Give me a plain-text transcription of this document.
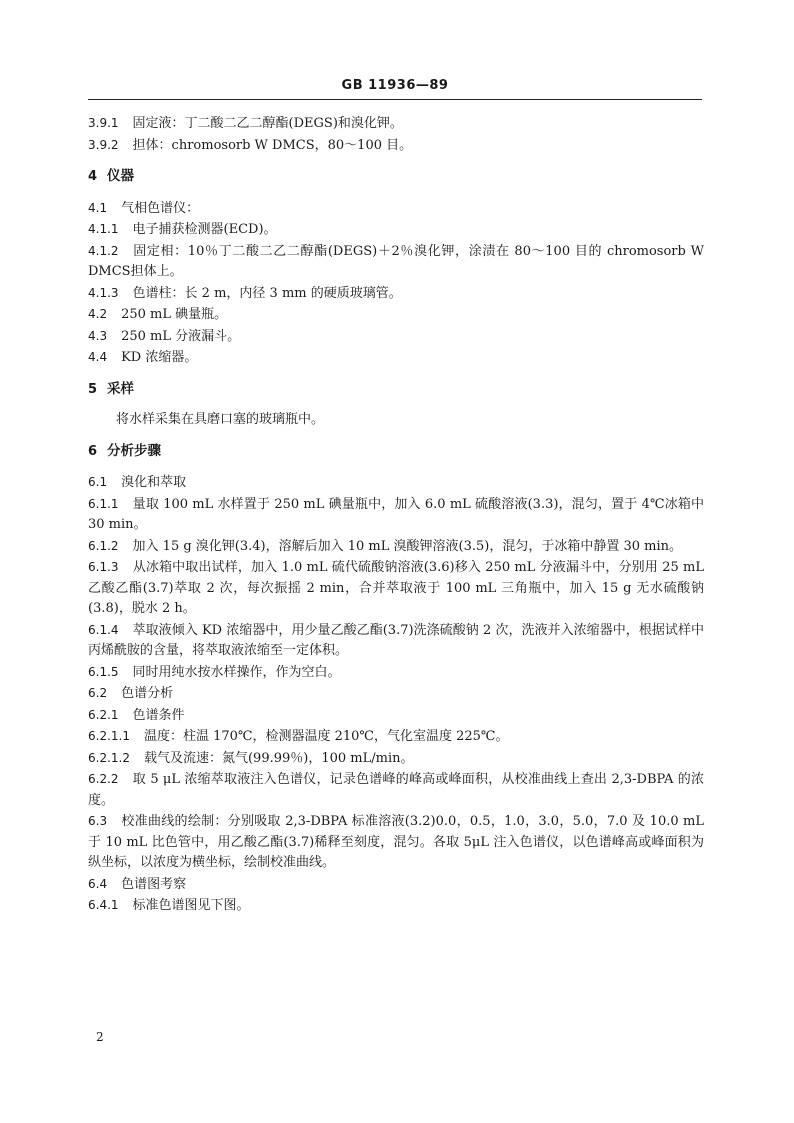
GB 11936—89
3.9.1 固定液：丁二酸二乙二醇酯(DEGS)和溴化钾。
3.9.2 担体：chromosorb W DMCS，80～100 目。
4 仪器
4.1 气相色谱仪：
4.1.1 电子捕获检测器(ECD)。
4.1.2 固定相：10％丁二酸二乙二醇酯(DEGS)＋2％溴化钾，涂渍在 80～100 目的 chromosorb W DMCS担体上。
4.1.3 色谱柱：长 2 m，内径 3 mm 的硬质玻璃管。
4.2 250 mL 碘量瓶。
4.3 250 mL 分液漏斗。
4.4 KD 浓缩器。
5 采样
将水样采集在具磨口塞的玻璃瓶中。
6 分析步骤
6.1 溴化和萃取
6.1.1 量取 100 mL 水样置于 250 mL 碘量瓶中，加入 6.0 mL 硫酸溶液(3.3)，混匀，置于 4℃冰箱中 30 min。
6.1.2 加入 15 g 溴化钾(3.4)，溶解后加入 10 mL 溴酸钾溶液(3.5)，混匀，于冰箱中静置 30 min。
6.1.3 从冰箱中取出试样，加入 1.0 mL 硫代硫酸钠溶液(3.6)移入 250 mL 分液漏斗中，分别用 25 mL 乙酸乙酯(3.7)萃取 2 次，每次振摇 2 min，合并萃取液于 100 mL 三角瓶中，加入 15 g 无水硫酸钠(3.8)，脱水 2 h。
6.1.4 萃取液倾入 KD 浓缩器中，用少量乙酸乙酯(3.7)洗涤硫酸钠 2 次，洗液并入浓缩器中，根据试样中丙烯酰胺的含量，将萃取液浓缩至一定体积。
6.1.5 同时用纯水按水样操作，作为空白。
6.2 色谱分析
6.2.1 色谱条件
6.2.1.1 温度：柱温 170℃，检测器温度 210℃，气化室温度 225℃。
6.2.1.2 载气及流速：氮气(99.99％)，100 mL/min。
6.2.2 取 5 μL 浓缩萃取液注入色谱仪，记录色谱峰的峰高或峰面积，从校准曲线上查出 2,3-DBPA 的浓度。
6.3 校准曲线的绘制：分别吸取 2,3-DBPA 标准溶液(3.2)0.0，0.5，1.0，3.0，5.0，7.0 及 10.0 mL 于 10 mL 比色管中，用乙酸乙酯(3.7)稀释至刻度，混匀。各取 5μL 注入色谱仪，以色谱峰高或峰面积为纵坐标，以浓度为横坐标，绘制校准曲线。
6.4 色谱图考察
6.4.1 标准色谱图见下图。
2
